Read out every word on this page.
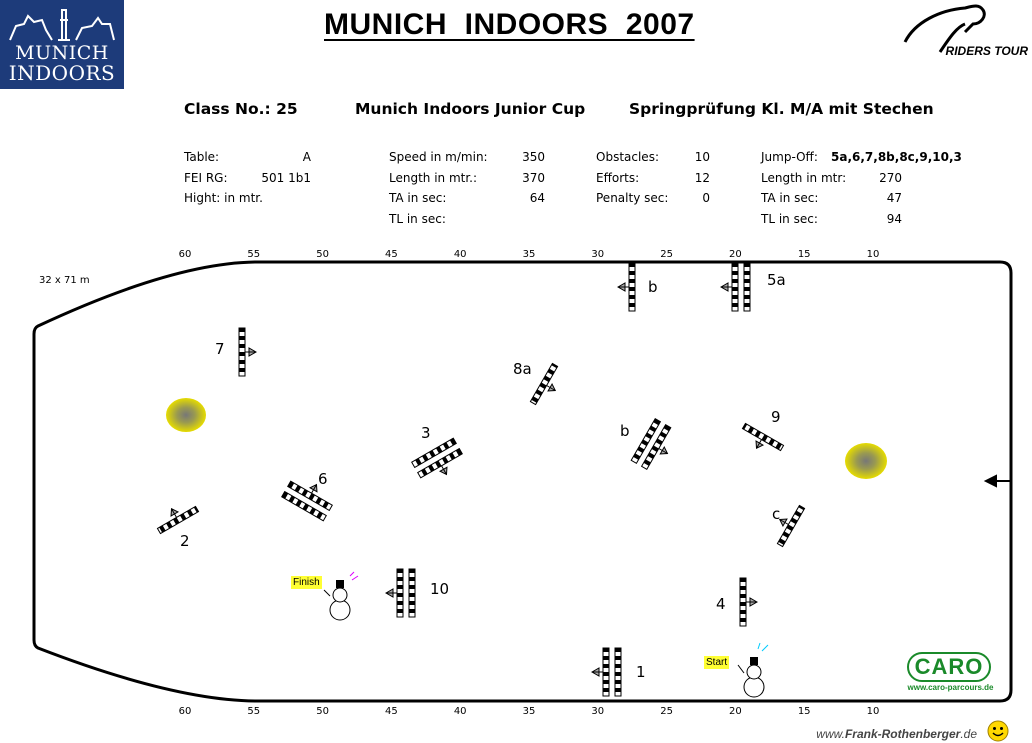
MUNICH
INDOORS
MUNICH  INDOORS  2007
RIDERS TOUR
Class No.: 25	Munich Indoors Junior Cup	Springprüfung Kl. M/A mit Stechen
Table:	A
FEI RG:	501 1b1
Hight: in mtr.
Speed in m/min:	350
Length in mtr.:	370
TA in sec:	64
TL in sec:
Obstacles:	10
Efforts:	12
Penalty sec:	0
Jump-Off: 5a,6,7,8b,8c,9,10,3
Length in mtr:	270
TA in sec:	47
TL in sec:	94
60	55	50	45	40	35	30	25	20	15	10
60	55	50	45	40	35	30	25	20	15	10
32 x 71 m
1
2
3
4
5a
b
6
7
8a
b
c
9
10
Finish
Start	CARO
www.caro-parcours.de
www.Frank-Rothenberger.de
